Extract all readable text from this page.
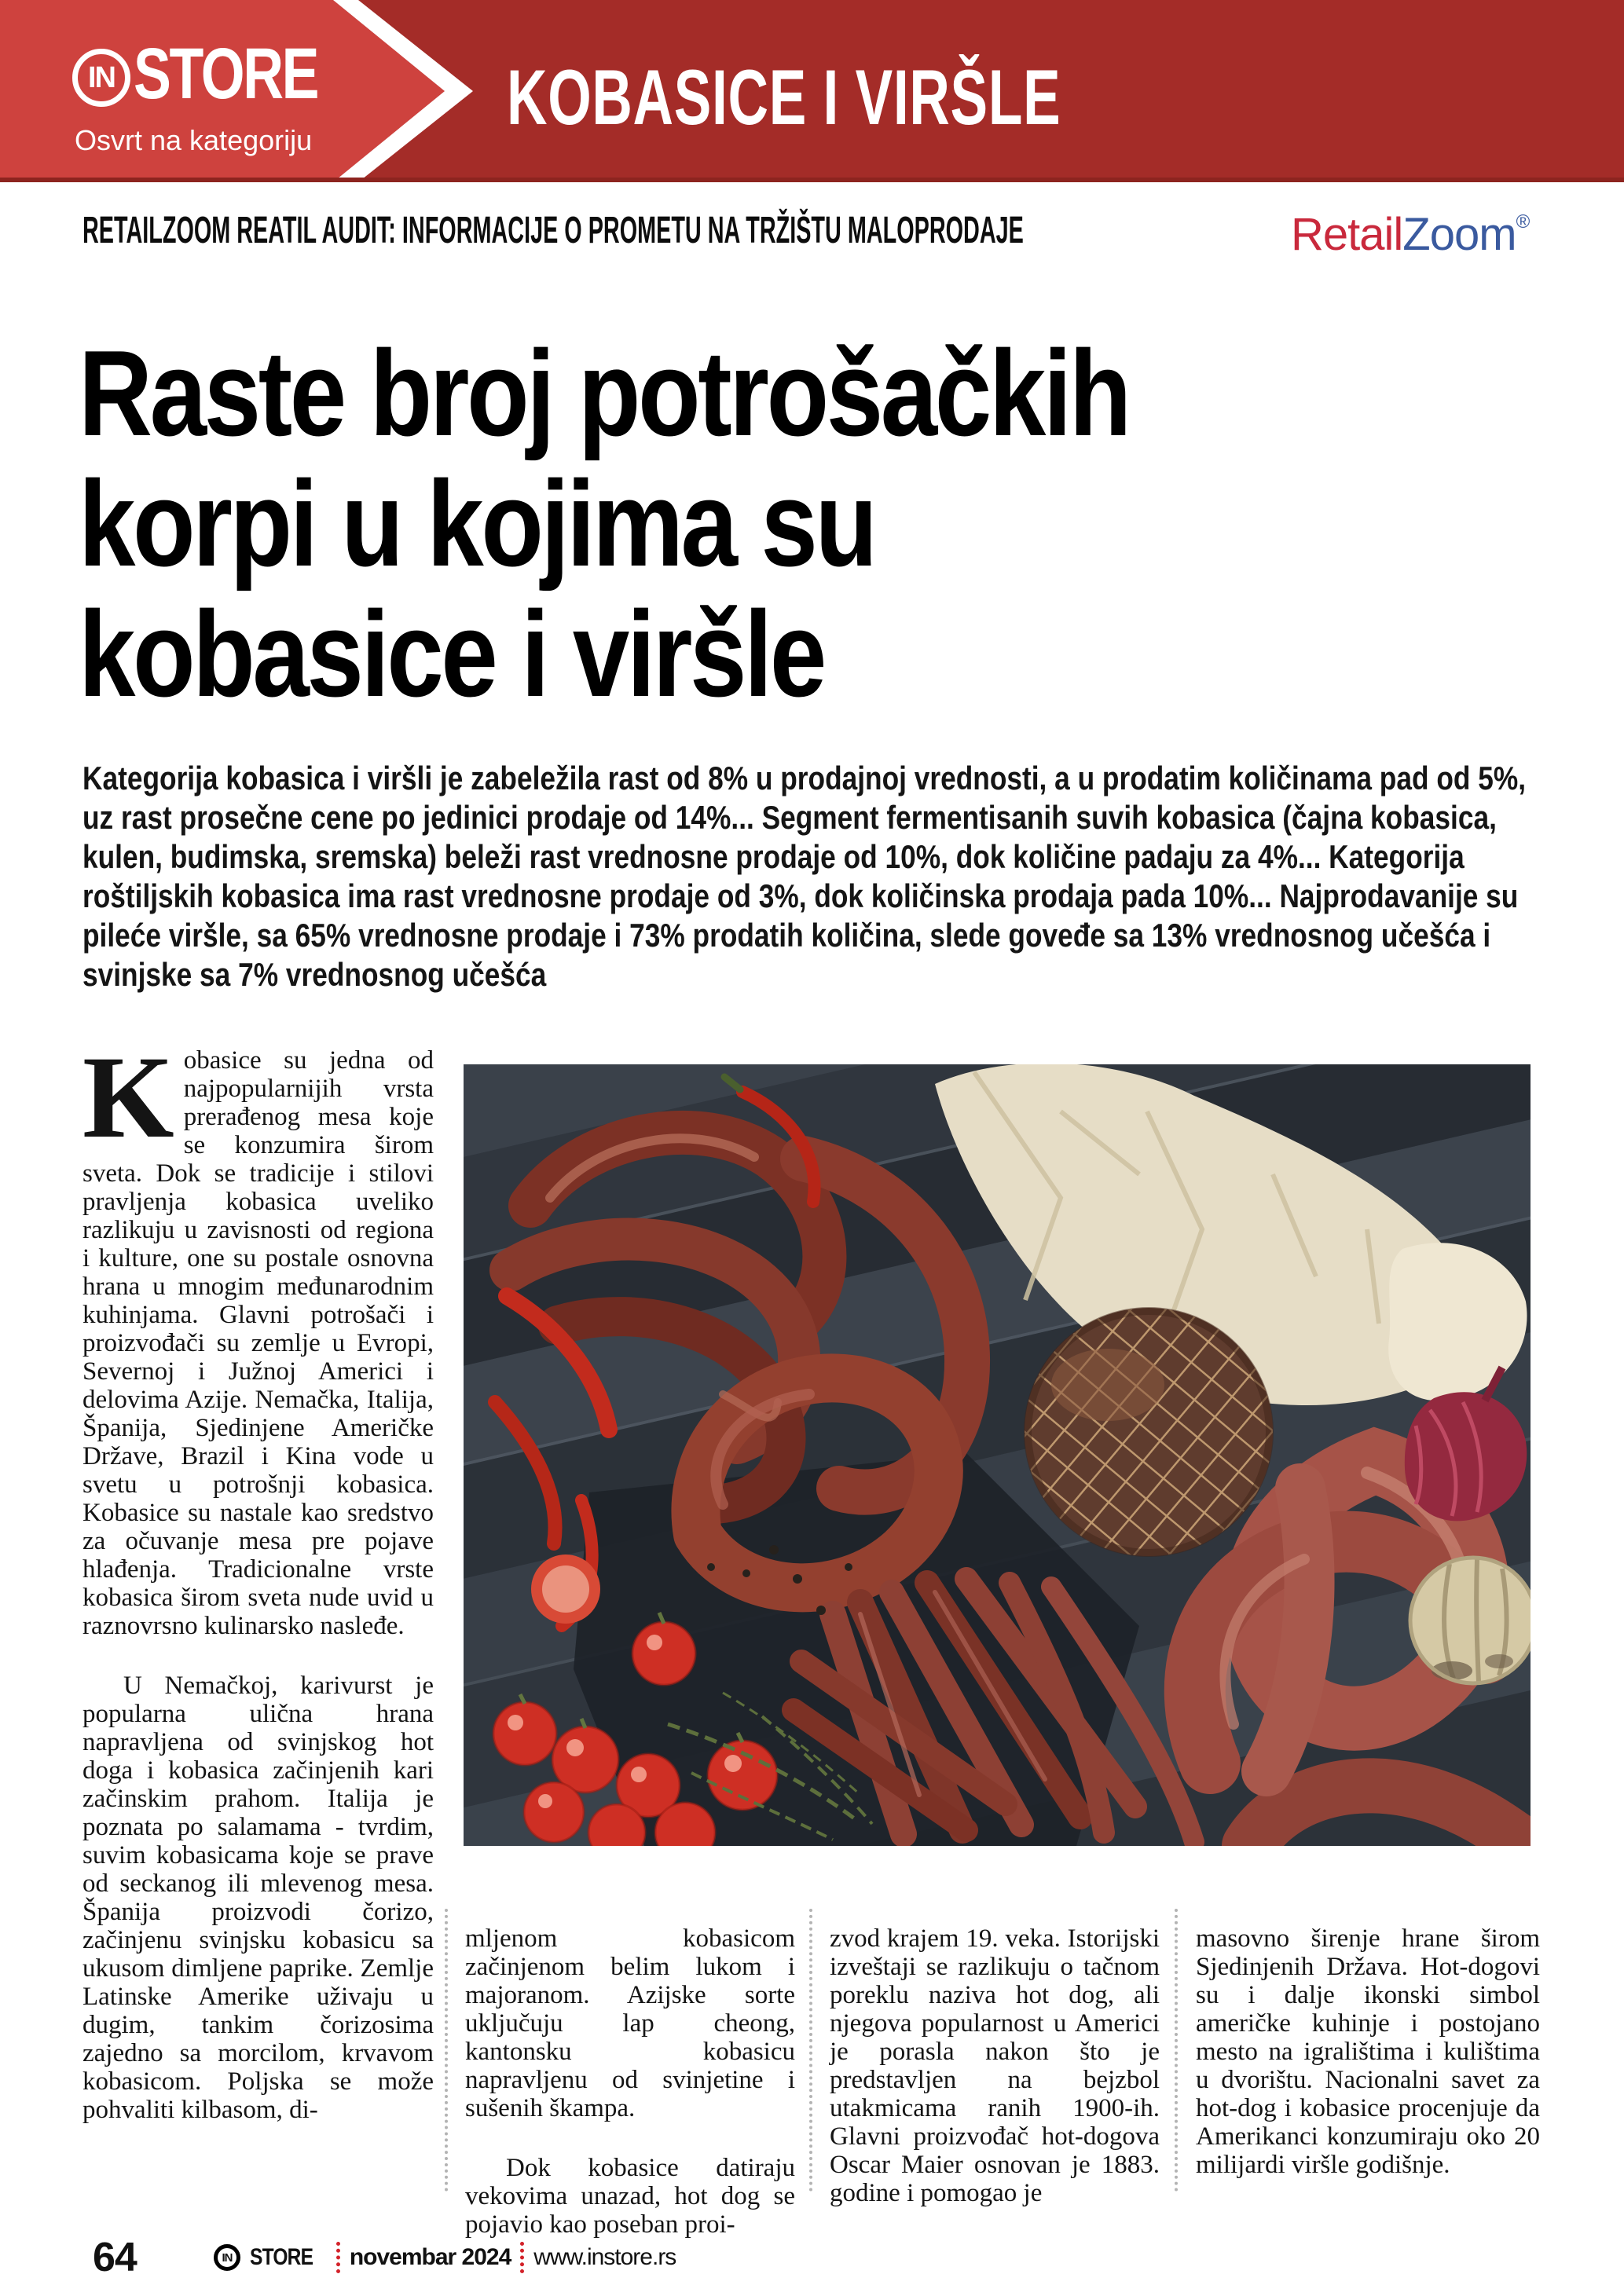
IN STORE
Osvrt na kategoriju	KOBASICE I VIRŠLE
RETAILZOOM REATIL AUDIT: INFORMACIJE O PROMETU NA TRŽIŠTU MALOPRODAJE	RetailZoom®
Raste broj potrošačkih
korpi u kojima su
kobasice i viršle
Kategorija kobasica i viršli je zabeležila rast od 8% u prodajnoj vrednosti, a u prodatim količinama pad od 5%, uz rast prosečne cene po jedinici prodaje od 14%... Segment fermentisanih suvih kobasica (čajna kobasica, kulen, budimska, sremska) beleži rast vrednosne prodaje od 10%, dok količine padaju za 4%... Kategorija roštiljskih kobasica ima rast vrednosne prodaje od 3%, dok količinska prodaja pada 10%... Najprodavanije su pileće viršle, sa 65% vrednosne prodaje i 73% prodatih količina, slede goveđe sa 13% vrednosnog učešća i svinjske sa 7% vrednosnog učešća

Kobasice su jedna od najpopularnijih vrsta prerađenog mesa koje se konzumira širom sveta. Dok se tradicije i stilovi pravljenja kobasica uveliko razlikuju u zavisnosti od regiona i kulture, one su postale osnovna hrana u mnogim međunarodnim kuhinjama. Glavni potrošači i proizvođači su zemlje u Evropi, Severnoj i Južnoj Americi i delovima Azije. Nemačka, Italija, Španija, Sjedinjene Američke Države, Brazil i Kina vode u svetu u potrošnji kobasica. Kobasice su nastale kao sredstvo za očuvanje mesa pre pojave hlađenja. Tradicionalne vrste kobasica širom sveta nude uvid u raznovrsno kulinarsko nasleđe.

U Nemačkoj, karivurst je popularna ulična hrana napravljena od svinjskog hot doga i kobasica začinjenih kari začinskim prahom. Italija je poznata po salamama - tvrdim, suvim kobasicama koje se prave od seckanog ili mlevenog mesa. Španija proizvodi čorizo, začinjenu svinjsku kobasicu sa ukusom dimljene paprike. Zemlje Latinske Amerike uživaju u dugim, tankim čorizosima zajedno sa morcilom, krvavom kobasicom. Poljska se može pohvaliti kilbasom, di-

mljenom kobasicom začinjenom belim lukom i majoranom. Azijske sorte uključuju lap cheong, kantonsku kobasicu napravljenu od svinjetine i sušenih škampa.

Dok kobasice datiraju vekovima unazad, hot dog se pojavio kao poseban proi-

zvod krajem 19. veka. Istorijski izveštaji se razlikuju o tačnom poreklu naziva hot dog, ali njegova popularnost u Americi je porasla nakon što je predstavljen na bejzbol utakmicama ranih 1900-ih. Glavni proizvođač hot-dogova Oscar Maier osnovan je 1883. godine i pomogao je

masovno širenje hrane širom Sjedinjenih Država. Hot-dogovi su i dalje ikonski simbol američke kuhinje i postojano mesto na igralištima i kulištima u dvorištu. Nacionalni savet za hot-dog i kobasice procenjuje da Amerikanci konzumiraju oko 20 milijardi viršle godišnje.

64	IN STORE novembar 2024 www.instore.rs
